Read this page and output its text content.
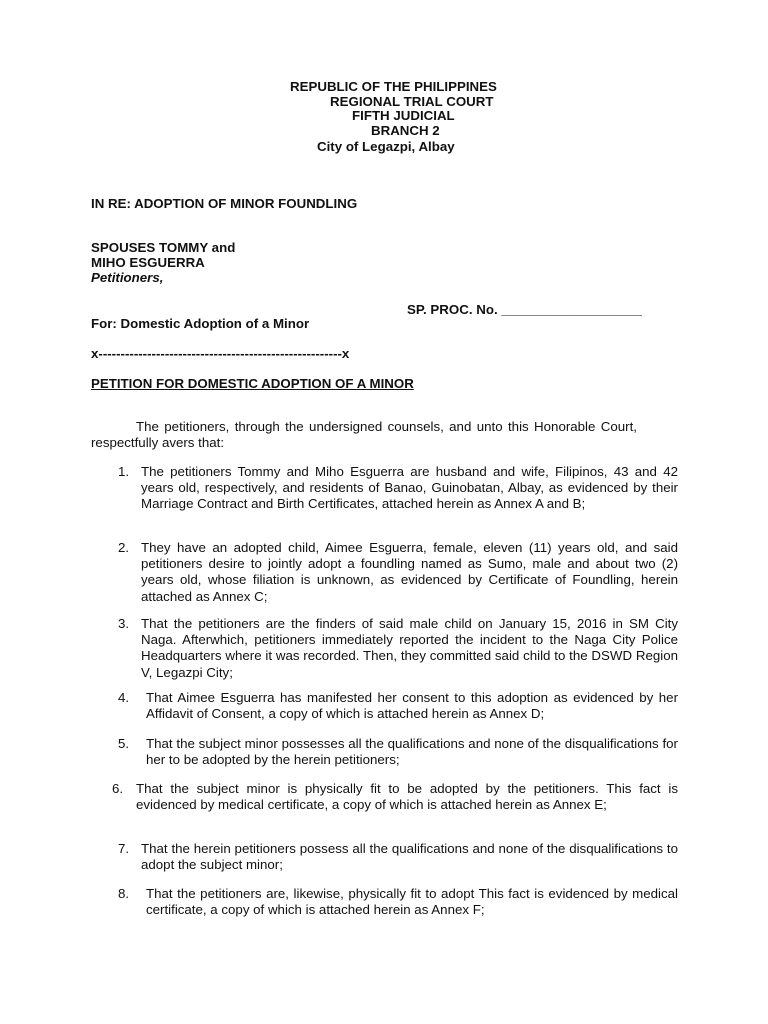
REPUBLIC OF THE PHILIPPINES

REGIONAL TRIAL COURT

FIFTH JUDICIAL

BRANCH 2

City of Legazpi, Albay

IN RE: ADOPTION OF MINOR FOUNDLING

SPOUSES TOMMY and

MIHO ESGUERRA

Petitioners,

SP. PROC. No. ___________________

For: Domestic Adoption of a Minor

x-------------------------------------------------------x

PETITION FOR DOMESTIC ADOPTION OF A MINOR

The petitioners, through the undersigned counsels, and unto this Honorable Court, respectfully avers that:

1. The petitioners Tommy and Miho Esguerra are husband and wife, Filipinos, 43 and 42 years old, respectively, and residents of Banao, Guinobatan, Albay, as evidenced by their Marriage Contract and Birth Certificates, attached herein as Annex A and B;

2. They have an adopted child, Aimee Esguerra, female, eleven (11) years old, and said petitioners desire to jointly adopt a foundling named as Sumo, male and about two (2) years old, whose filiation is unknown, as evidenced by Certificate of Foundling, herein attached as Annex C;

3. That the petitioners are the finders of said male child on January 15, 2016 in SM City Naga. Afterwhich, petitioners immediately reported the incident to the Naga City Police Headquarters where it was recorded. Then, they committed said child to the DSWD Region V, Legazpi City;

4. That Aimee Esguerra has manifested her consent to this adoption as evidenced by her Affidavit of Consent, a copy of which is attached herein as Annex D;

5. That the subject minor possesses all the qualifications and none of the disqualifications for her to be adopted by the herein petitioners;

6. That the subject minor is physically fit to be adopted by the petitioners. This fact is evidenced by medical certificate, a copy of which is attached herein as Annex E;

7. That the herein petitioners possess all the qualifications and none of the disqualifications to adopt the subject minor;

8. That the petitioners are, likewise, physically fit to adopt This fact is evidenced by medical certificate, a copy of which is attached herein as Annex F;
